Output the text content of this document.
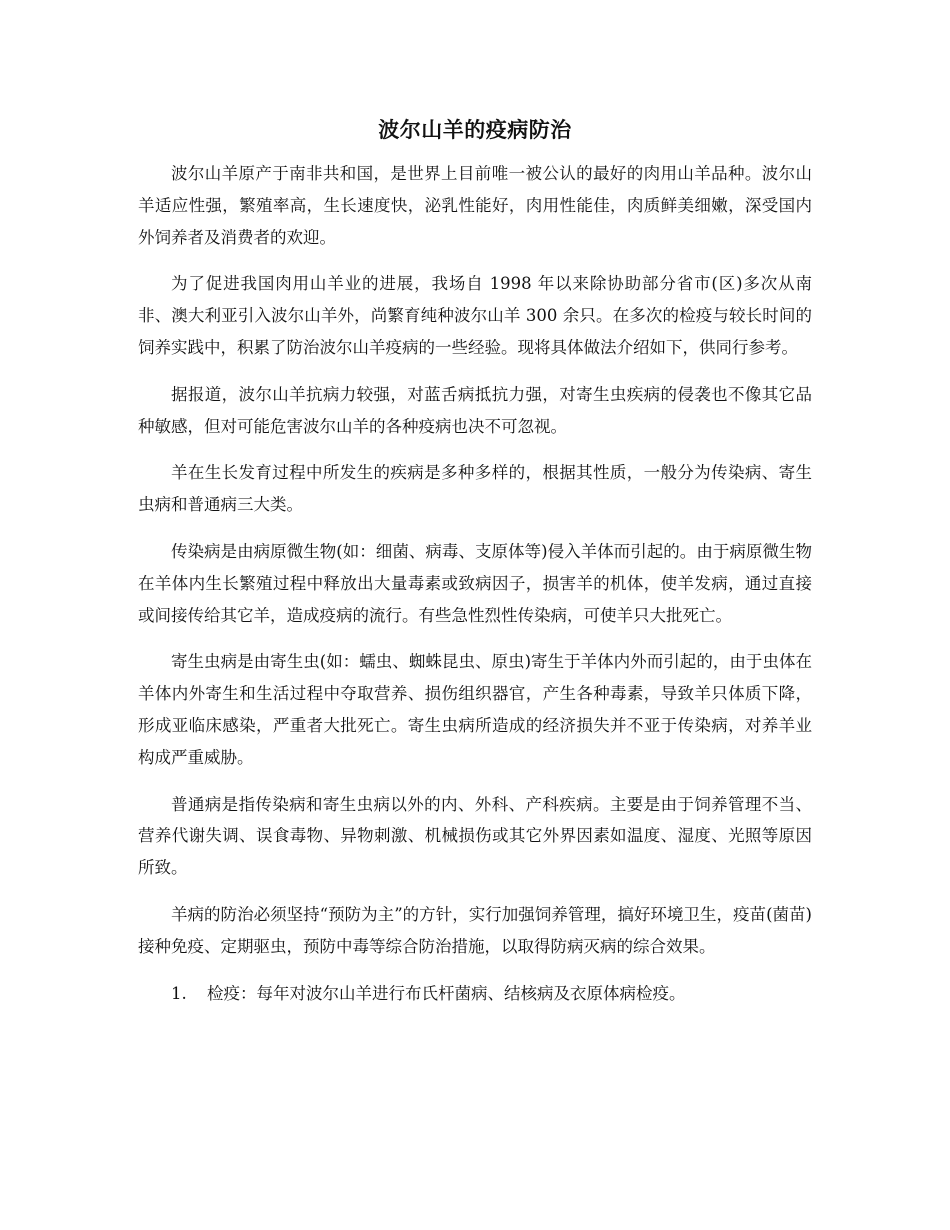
波尔山羊的疫病防治

波尔山羊原产于南非共和国，是世界上目前唯一被公认的最好的肉用山羊品种。波尔山羊适应性强，繁殖率高，生长速度快，泌乳性能好，肉用性能佳，肉质鲜美细嫩，深受国内外饲养者及消费者的欢迎。

为了促进我国肉用山羊业的进展，我场自 1998 年以来除协助部分省市(区)多次从南非、澳大利亚引入波尔山羊外，尚繁育纯种波尔山羊 300 余只。在多次的检疫与较长时间的饲养实践中，积累了防治波尔山羊疫病的一些经验。现将具体做法介绍如下，供同行参考。

据报道，波尔山羊抗病力较强，对蓝舌病抵抗力强，对寄生虫疾病的侵袭也不像其它品种敏感，但对可能危害波尔山羊的各种疫病也决不可忽视。

羊在生长发育过程中所发生的疾病是多种多样的，根据其性质，一般分为传染病、寄生虫病和普通病三大类。

传染病是由病原微生物(如：细菌、病毒、支原体等)侵入羊体而引起的。由于病原微生物在羊体内生长繁殖过程中释放出大量毒素或致病因子，损害羊的机体，使羊发病，通过直接或间接传给其它羊，造成疫病的流行。有些急性烈性传染病，可使羊只大批死亡。

寄生虫病是由寄生虫(如：蠕虫、蜘蛛昆虫、原虫)寄生于羊体内外而引起的，由于虫体在羊体内外寄生和生活过程中夺取营养、损伤组织器官，产生各种毒素，导致羊只体质下降，形成亚临床感染，严重者大批死亡。寄生虫病所造成的经济损失并不亚于传染病，对养羊业构成严重威胁。

普通病是指传染病和寄生虫病以外的内、外科、产科疾病。主要是由于饲养管理不当、营养代谢失调、误食毒物、异物刺激、机械损伤或其它外界因素如温度、湿度、光照等原因所致。

羊病的防治必须坚持“预防为主”的方针，实行加强饲养管理，搞好环境卫生，疫苗(菌苗)接种免疫、定期驱虫，预防中毒等综合防治措施，以取得防病灭病的综合效果。

1.	检疫：每年对波尔山羊进行布氏杆菌病、结核病及衣原体病检疫。
